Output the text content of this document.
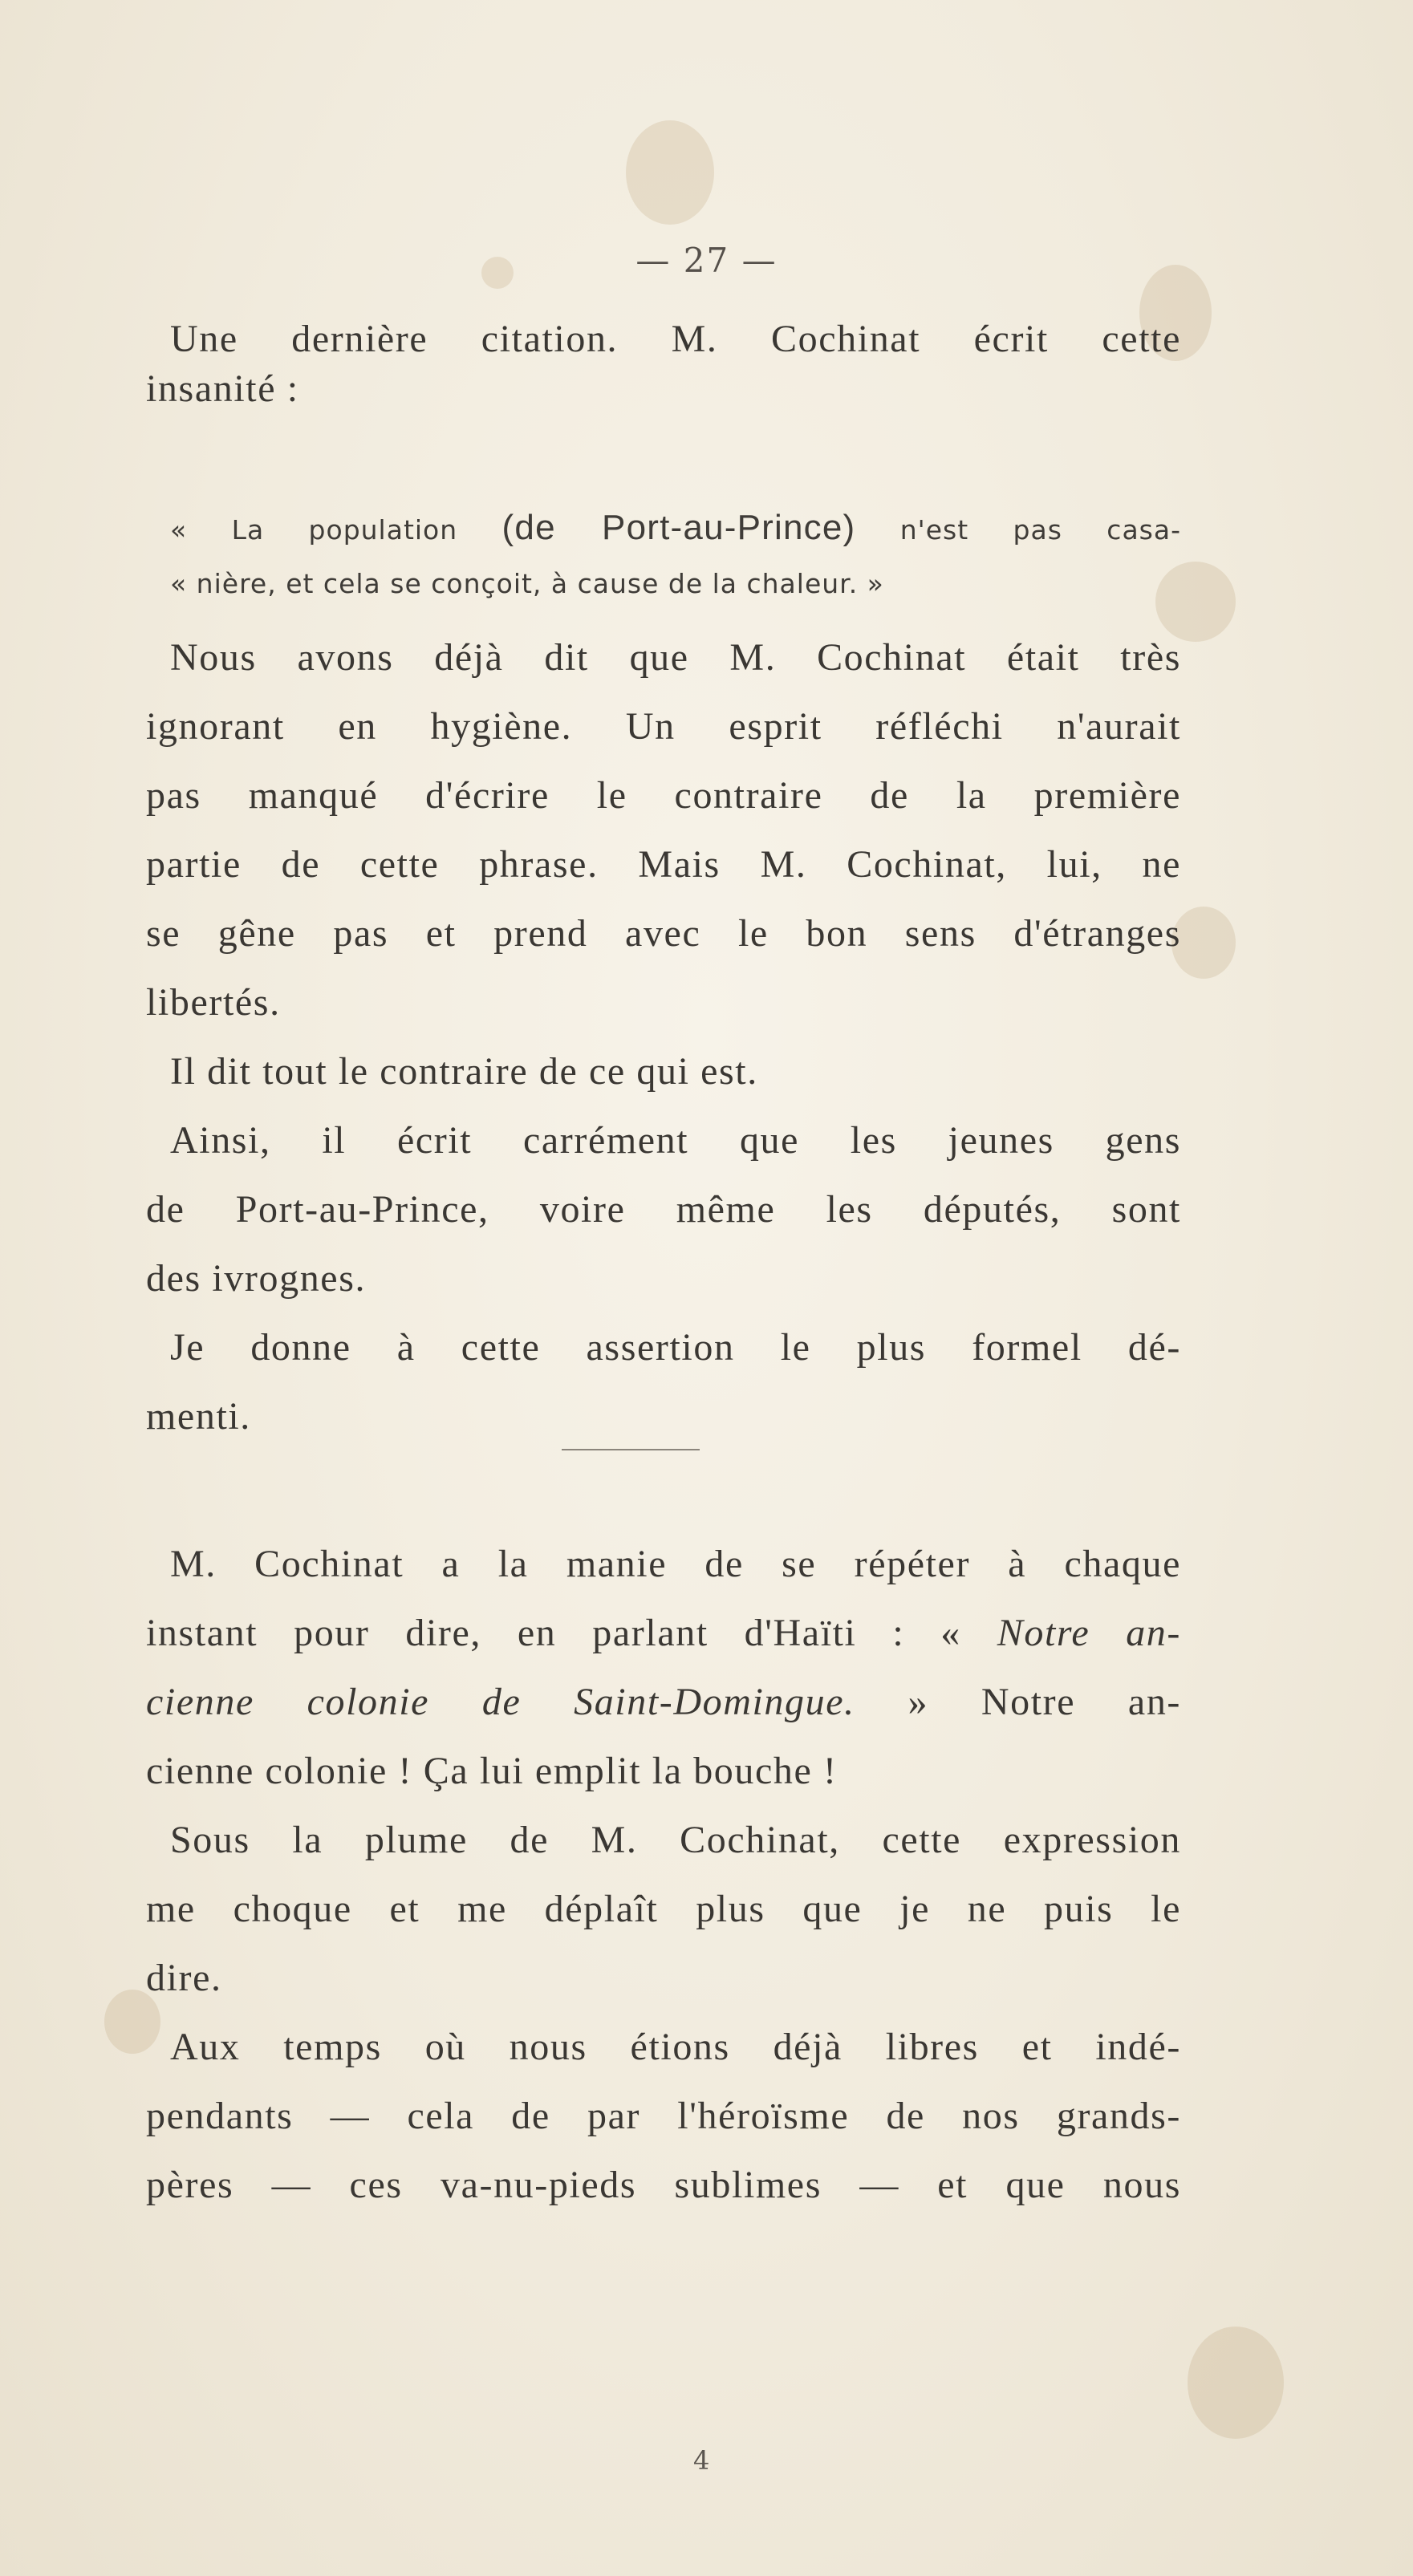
— 27 —
Une dernière citation. M. Cochinat écrit cette
insanité :
« La population (de Port-au-Prince) n'est pas casa-
« nière, et cela se conçoit, à cause de la chaleur. »
Nous avons déjà dit que M. Cochinat était très
ignorant en hygiène. Un esprit réfléchi n'aurait
pas manqué d'écrire le contraire de la première
partie de cette phrase. Mais M. Cochinat, lui, ne
se gêne pas et prend avec le bon sens d'étranges
libertés.
Il dit tout le contraire de ce qui est.
Ainsi, il écrit carrément que les jeunes gens
de Port-au-Prince, voire même les députés, sont
des ivrognes.
Je donne à cette assertion le plus formel dé-
menti.
M. Cochinat a la manie de se répéter à chaque
instant pour dire, en parlant d'Haïti : « Notre an-
cienne colonie de Saint-Domingue. » Notre an-
cienne colonie ! Ça lui emplit la bouche !
Sous la plume de M. Cochinat, cette expression
me choque et me déplaît plus que je ne puis le
dire.
Aux temps où nous étions déjà libres et indé-
pendants — cela de par l'héroïsme de nos grands-
pères — ces va-nu-pieds sublimes — et que nous
4
